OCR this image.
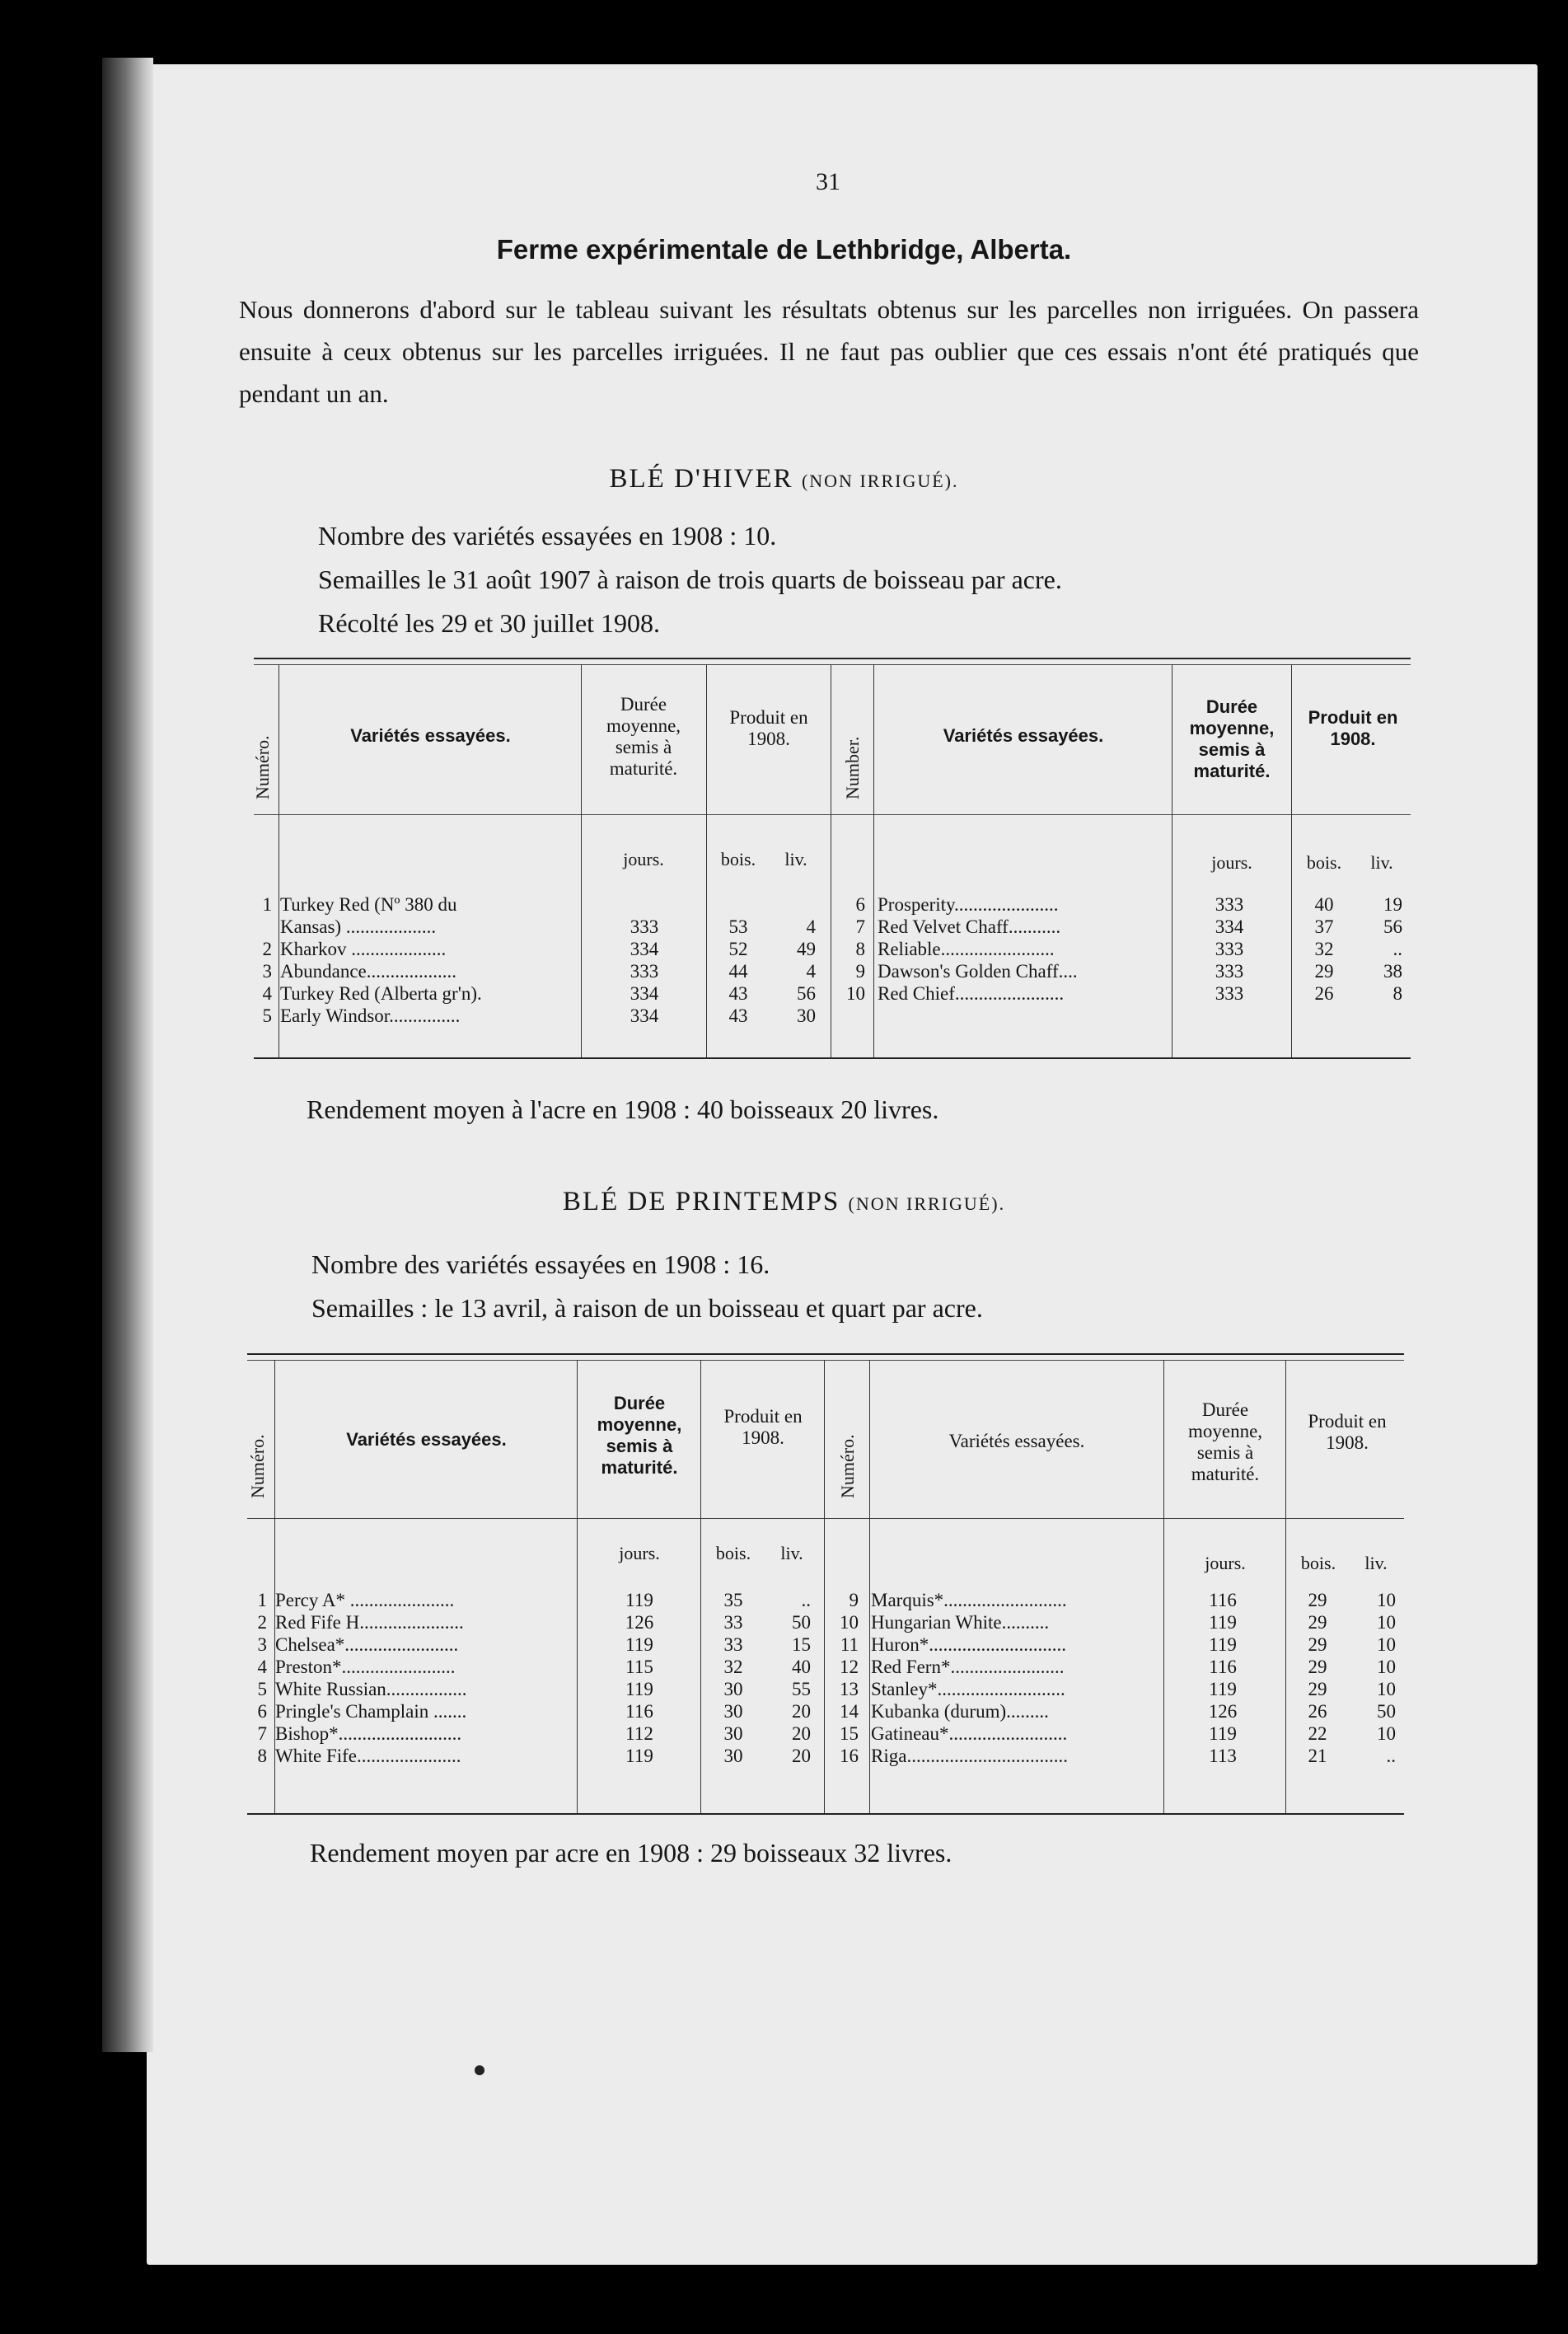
31
Ferme expérimentale de Lethbridge, Alberta.
Nous donnerons d'abord sur le tableau suivant les résultats obtenus sur les parcelles non irriguées. On passera ensuite à ceux obtenus sur les parcelles irriguées. Il ne faut pas oublier que ces essais n'ont été pratiqués que pendant un an.
BLÉ D'HIVER (NON IRRIGUÉ).
Nombre des variétés essayées en 1908 : 10.
Semailles le 31 août 1907 à raison de trois quarts de boisseau par acre.
Récolté les 29 et 30 juillet 1908.
Numéro.	Variétés essayées.
Durée moyenne, semis à maturité.
Produit en 1908.	Number.
Variétés essayées.
Durée moyenne, semis à maturité.
Produit en 1908.
jours.	bois.	liv.	jours.	bois.	liv.
1 Turkey Red (Nº 380 du
Kansas) ...................	333	53	4
2 Kharkov ....................	334	52	49
3 Abundance...................	333	44	4
4 Turkey Red (Alberta gr'n).	334	43	56
5 Early Windsor...............	334	43	30
6 Prosperity......................	333	40	19
7 Red Velvet Chaff...........	334	37	56
8 Reliable........................	333	32	..
9 Dawson's Golden Chaff....	333	29	38
10 Red Chief.......................	333	26	8
Rendement moyen à l'acre en 1908 : 40 boisseaux 20 livres.
BLÉ DE PRINTEMPS (NON IRRIGUÉ).
Nombre des variétés essayées en 1908 : 16.
Semailles : le 13 avril, à raison de un boisseau et quart par acre.
Numéro.	Variétés essayées.
Durée moyenne, semis à maturité.
Produit en 1908.	Numéro.	Variétés essayées.
Durée moyenne, semis à maturité.
Produit en 1908.
jours.	bois.	liv.	jours.	bois.	liv.
1 Percy A* ......................	119	35	..
2 Red Fife H......................	126	33	50
3 Chelsea*........................	119	33	15
4 Preston*........................	115	32	40
5 White Russian.................	119	30	55
6 Pringle's Champlain .......	116	30	20
7 Bishop*..........................	112	30	20
8 White Fife......................	119	30	20
9 Marquis*..........................	116	29	10
10 Hungarian White..........	119	29	10
11 Huron*.............................	119	29	10
12 Red Fern*........................	116	29	10
13 Stanley*...........................	119	29	10
14 Kubanka (durum).........	126	26	50
15 Gatineau*.........................	119	22	10
16 Riga..................................	113	21	..
Rendement moyen par acre en 1908 : 29 boisseaux 32 livres.
